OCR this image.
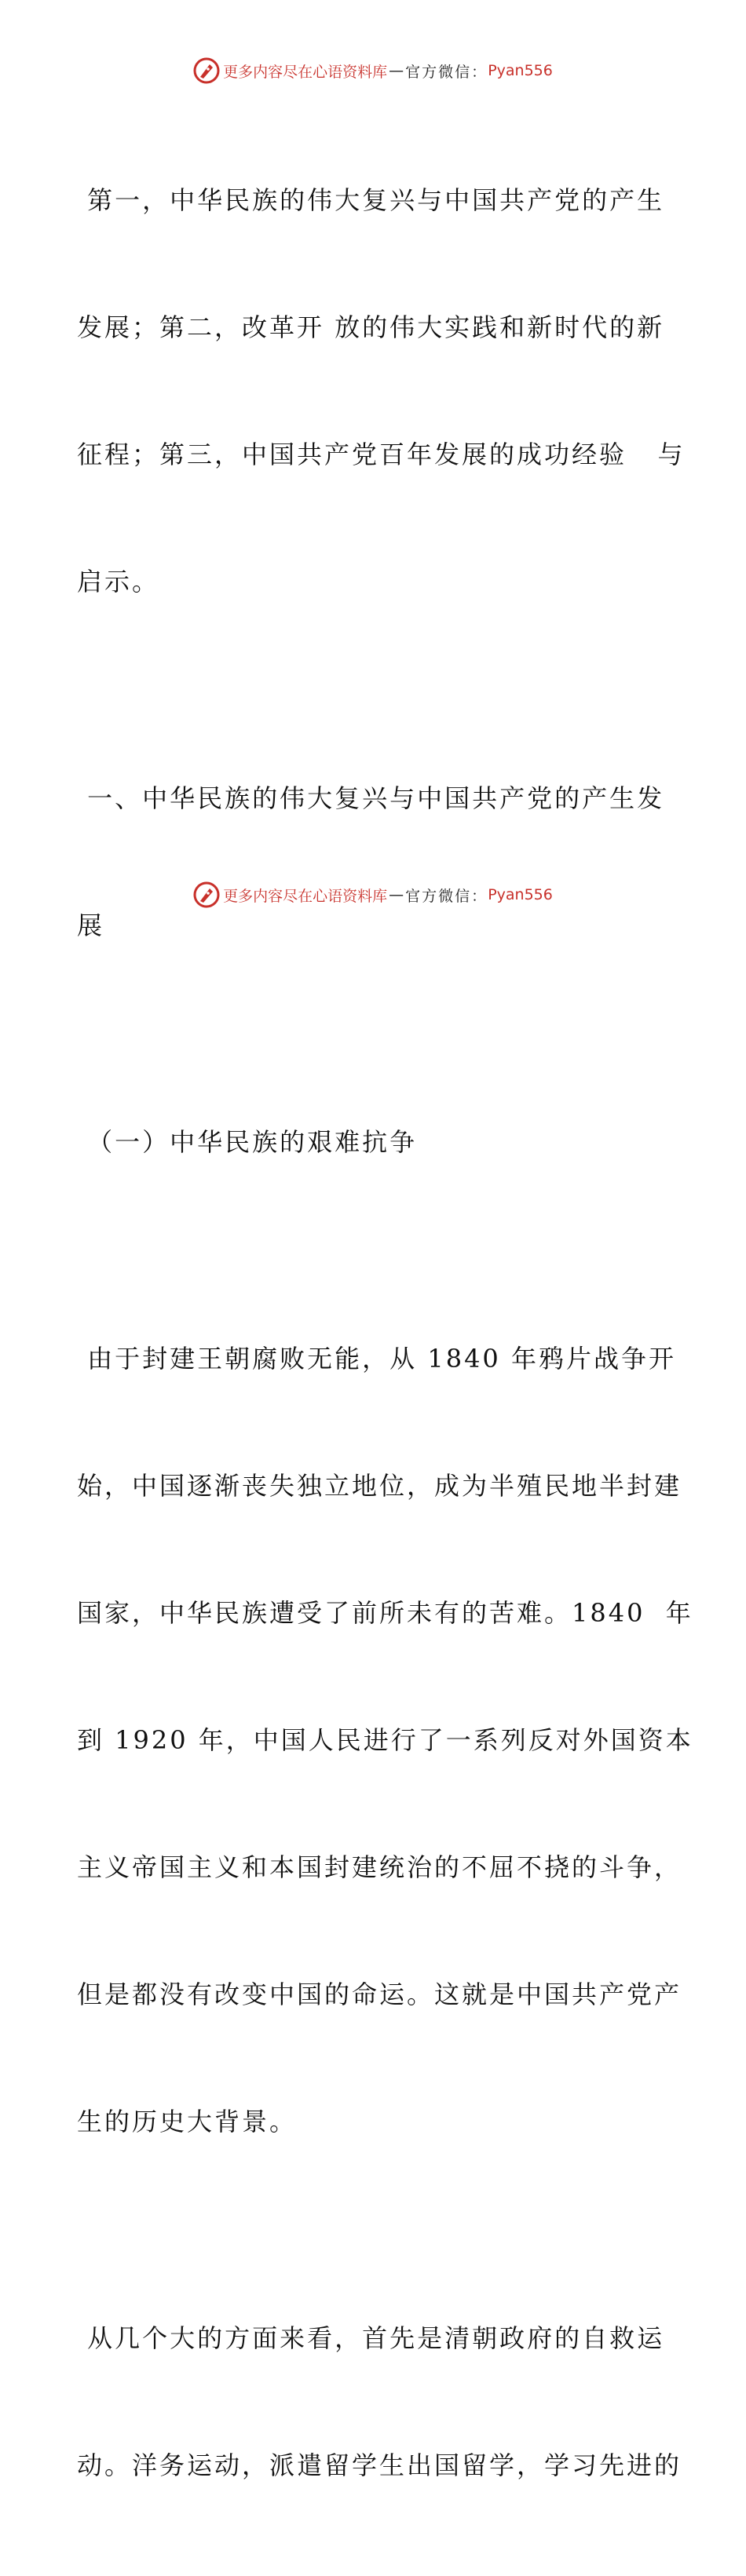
更多内容尽在心语资料库 — 官方微信： Pyan556

第一，中华民族的伟大复兴与中国共产党的产生

发展；第二，改革开 放的伟大实践和新时代的新

征程；第三，中国共产党百年发展的成功经验   与

启示。

一、中华民族的伟大复兴与中国共产党的产生发

展

（一）中华民族的艰难抗争

由于封建王朝腐败无能，从 1840 年鸦片战争开

始，中国逐渐丧失独立地位，成为半殖民地半封建

国家，中华民族遭受了前所未有的苦难。1840  年

到 1920 年，中国人民进行了一系列反对外国资本

主义帝国主义和本国封建统治的不屈不挠的斗争，

但是都没有改变中国的命运。这就是中国共产党产

生的历史大背景。

从几个大的方面来看，首先是清朝政府的自救运

动。洋务运动，派遣留学生出国留学，学习先进的

更多内容尽在心语资料库 — 官方微信： Pyan556
